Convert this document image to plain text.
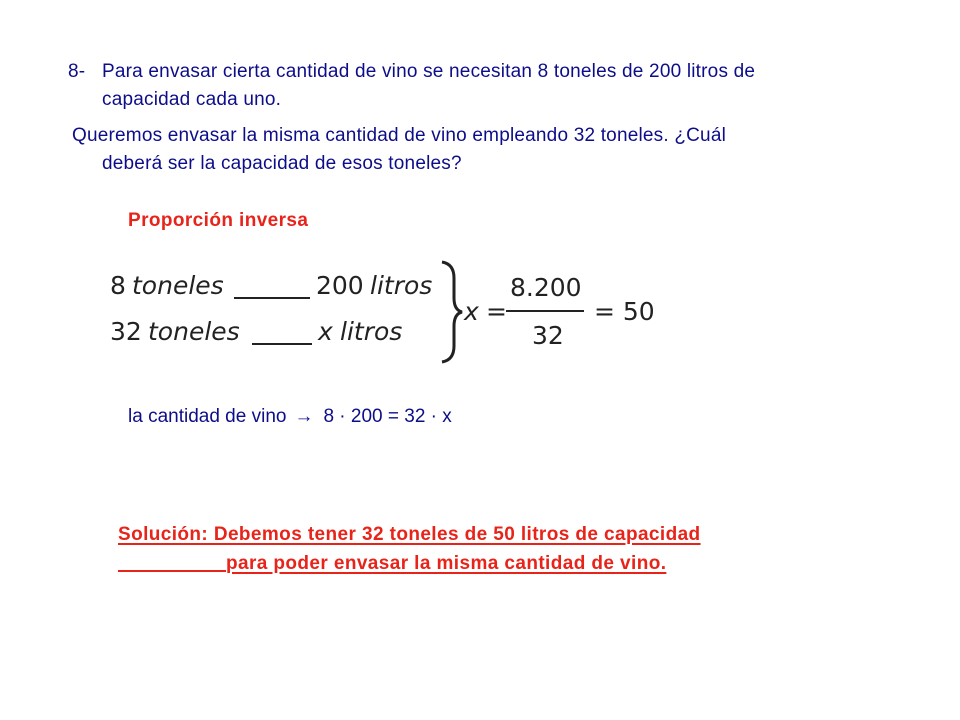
8- Para envasar cierta cantidad de vino se necesitan 8 toneles de 200 litros de
capacidad cada uno.
Queremos envasar la misma cantidad de vino empleando 32 toneles. ¿Cuál
deberá ser la capacidad de esos toneles?
Proporción inversa
8 toneles	200 litros
32 toneles	x litros
x =
8.200
32
= 50
la cantidad de vino → 8 · 200 = 32 · x
Solución: Debemos tener 32 toneles de 50 litros de capacidad
para poder envasar la misma cantidad de vino.
